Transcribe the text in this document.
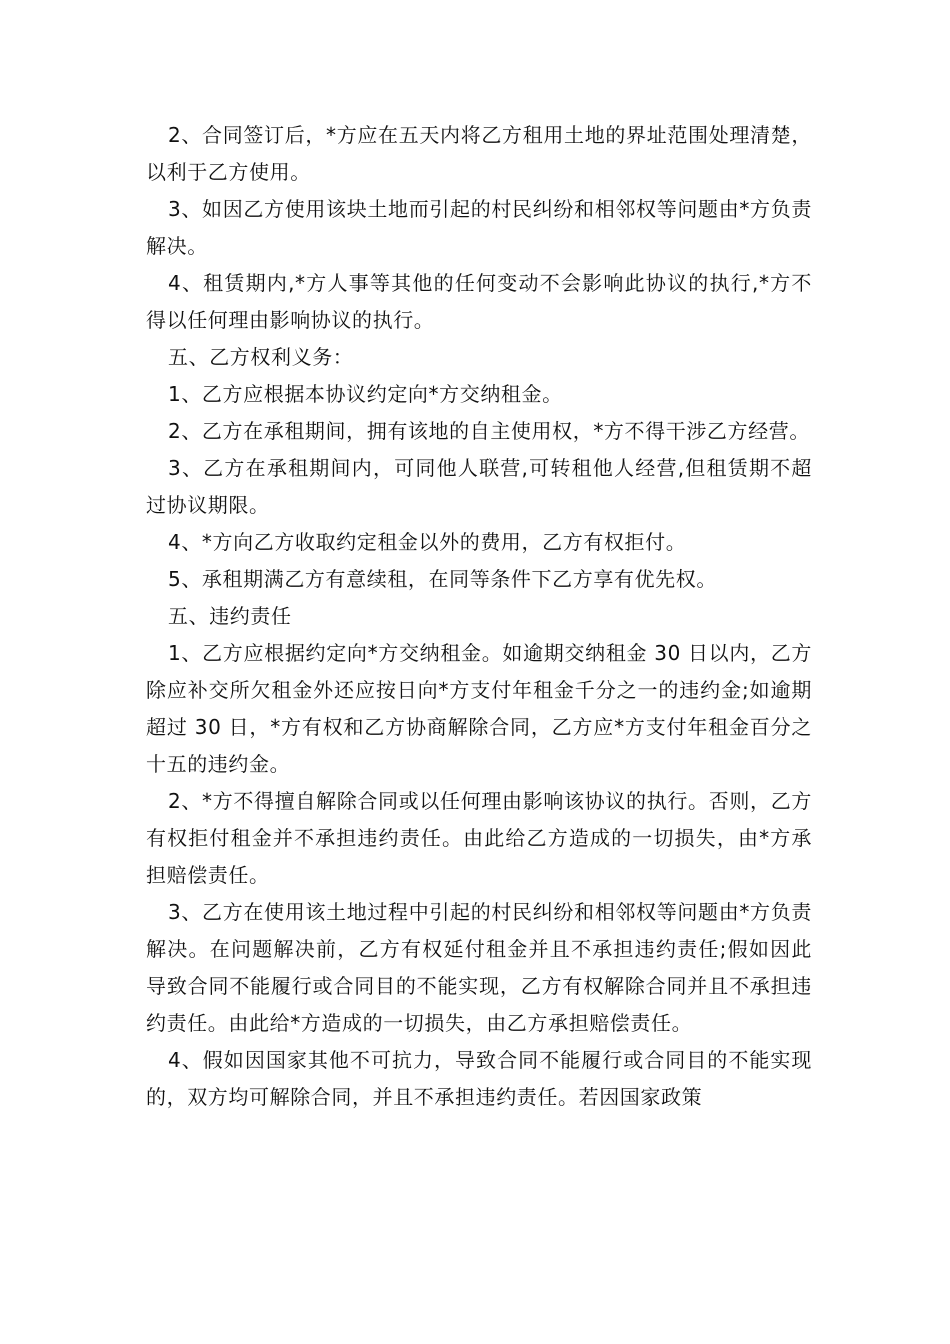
2、合同签订后，*方应在五天内将乙方租用土地的界址范围处理清楚，以利于乙方使用。

3、如因乙方使用该块土地而引起的村民纠纷和相邻权等问题由*方负责解决。

4、租赁期内,*方人事等其他的任何变动不会影响此协议的执行,*方不得以任何理由影响协议的执行。

五、乙方权利义务：

1、乙方应根据本协议约定向*方交纳租金。

2、乙方在承租期间，拥有该地的自主使用权，*方不得干涉乙方经营。

3、乙方在承租期间内，可同他人联营,可转租他人经营,但租赁期不超过协议期限。

4、*方向乙方收取约定租金以外的费用，乙方有权拒付。

5、承租期满乙方有意续租，在同等条件下乙方享有优先权。

五、违约责任

1、乙方应根据约定向*方交纳租金。如逾期交纳租金 30 日以内，乙方除应补交所欠租金外还应按日向*方支付年租金千分之一的违约金;如逾期超过 30 日，*方有权和乙方协商解除合同，乙方应*方支付年租金百分之十五的违约金。

2、*方不得擅自解除合同或以任何理由影响该协议的执行。否则，乙方有权拒付租金并不承担违约责任。由此给乙方造成的一切损失，由*方承担赔偿责任。

3、乙方在使用该土地过程中引起的村民纠纷和相邻权等问题由*方负责解决。在问题解决前，乙方有权延付租金并且不承担违约责任;假如因此导致合同不能履行或合同目的不能实现，乙方有权解除合同并且不承担违约责任。由此给*方造成的一切损失，由乙方承担赔偿责任。

4、假如因国家其他不可抗力，导致合同不能履行或合同目的不能实现的，双方均可解除合同，并且不承担违约责任。若因国家政策
